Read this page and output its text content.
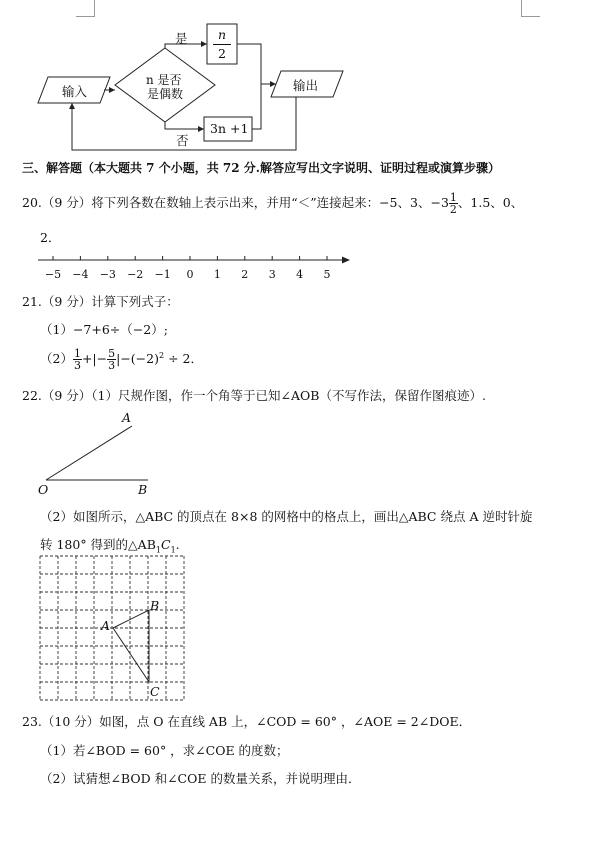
输入
n 是否
是偶数
是
否
n
2
3n +1
输出
三、解答题（本大题共 7 个小题，共 72 分.解答应写出文字说明、证明过程或演算步骤）
20.（9 分）将下列各数在数轴上表示出来，并用“＜”连接起来：−5、3、$-3 \frac{1}{2}$ 、1.5、0、
2．
−5 −4 −3 −2 −1 0 1 2 3 4 5
21.（9 分）计算下列式子：
（1）−7+6÷（−2）;
$(2) \frac{1}{3}$ +|− $\frac{5}{3} |-(-2)^2 \div 2$．
22.（9 分）（1）尺规作图，作一个角等于已知∠AOB（不写作法，保留作图痕迹）.
A
O	B
（2）如图所示，△ABC 的顶点在 8×8 的网格中的格点上，画出△ABC 绕点 A 逆时针旋
转 180° 得到的$\triangle AB_1C_1$.
A
B
C
23.（10 分）如图，点 O 在直线 AB 上，∠COD = 60° ，∠AOE = 2∠DOE．
（1）若∠BOD = 60° ，求∠COE 的度数；
（2）试猜想∠BOD 和∠COE 的数量关系，并说明理由．
